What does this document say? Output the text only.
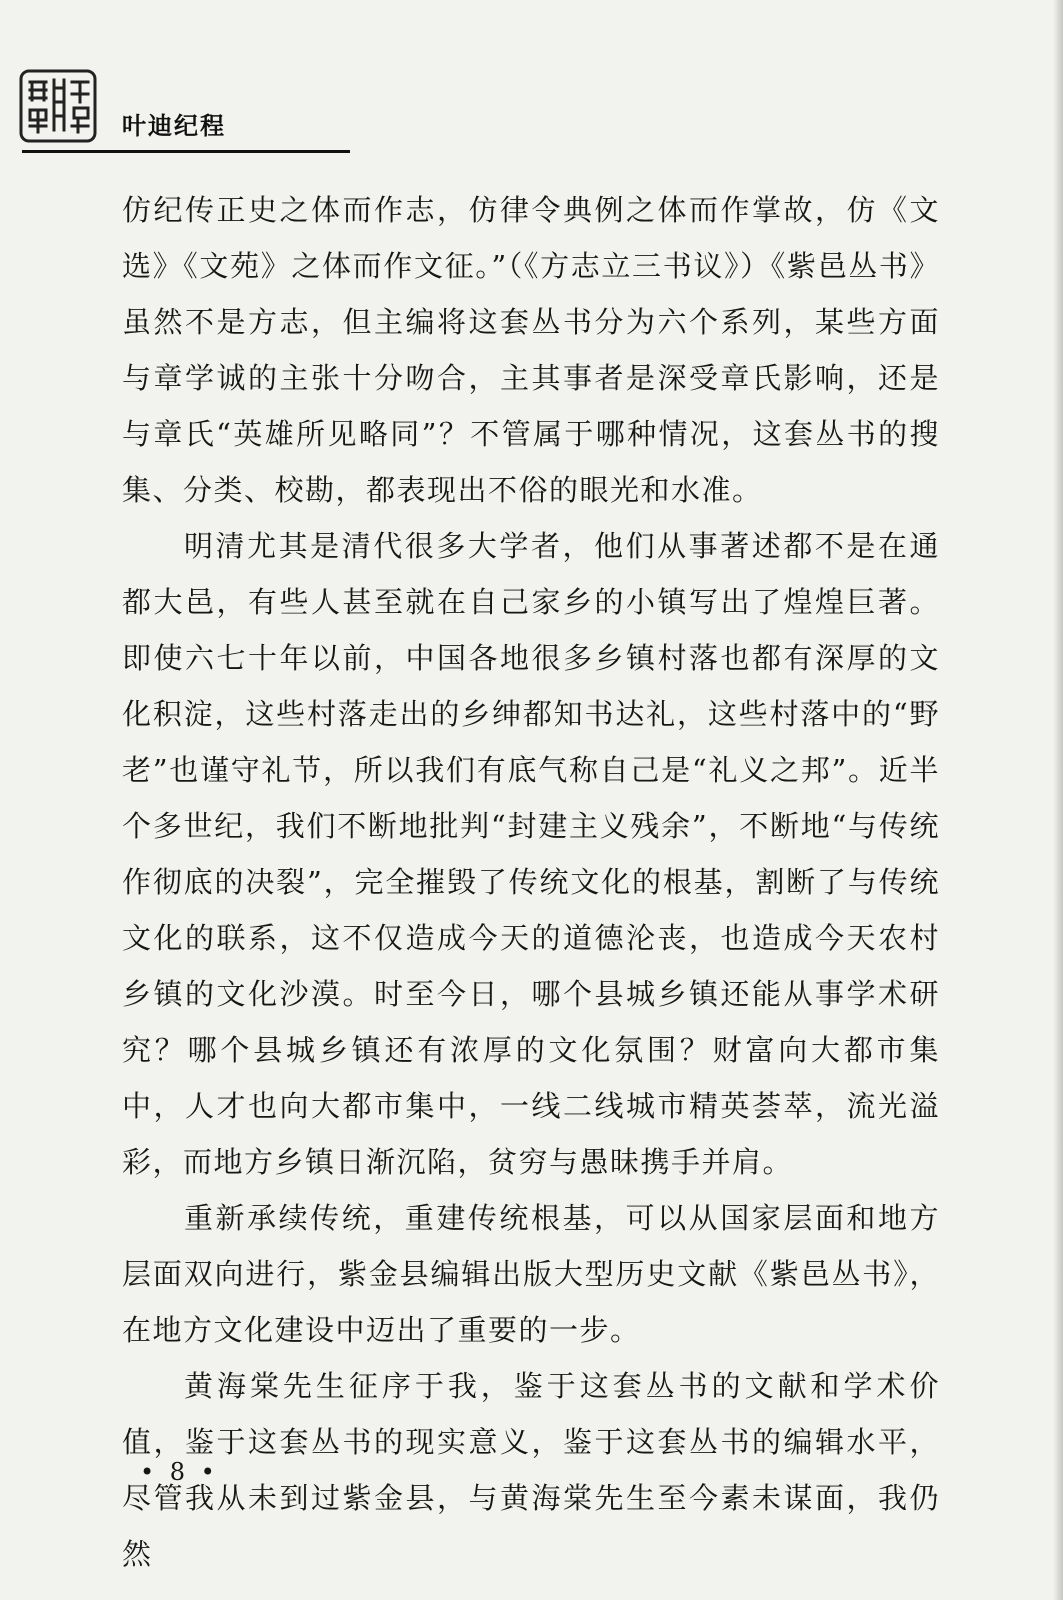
叶迪纪程

仿纪传正史之体而作志，仿律令典例之体而作掌故，仿《文选》《文苑》之体而作文征。”（《方志立三书议》）《紫邑丛书》虽然不是方志，但主编将这套丛书分为六个系列，某些方面与章学诚的主张十分吻合，主其事者是深受章氏影响，还是与章氏“英雄所见略同”？不管属于哪种情况，这套丛书的搜集、分类、校勘，都表现出不俗的眼光和水准。

明清尤其是清代很多大学者，他们从事著述都不是在通都大邑，有些人甚至就在自己家乡的小镇写出了煌煌巨著。即使六七十年以前，中国各地很多乡镇村落也都有深厚的文化积淀，这些村落走出的乡绅都知书达礼，这些村落中的“野老”也谨守礼节，所以我们有底气称自己是“礼义之邦”。近半个多世纪，我们不断地批判“封建主义残余”，不断地“与传统作彻底的决裂”，完全摧毁了传统文化的根基，割断了与传统文化的联系，这不仅造成今天的道德沦丧，也造成今天农村乡镇的文化沙漠。时至今日，哪个县城乡镇还能从事学术研究？哪个县城乡镇还有浓厚的文化氛围？财富向大都市集中，人才也向大都市集中，一线二线城市精英荟萃，流光溢彩，而地方乡镇日渐沉陷，贫穷与愚昧携手并肩。

重新承续传统，重建传统根基，可以从国家层面和地方层面双向进行，紫金县编辑出版大型历史文献《紫邑丛书》，在地方文化建设中迈出了重要的一步。

黄海棠先生征序于我，鉴于这套丛书的文献和学术价值，鉴于这套丛书的现实意义，鉴于这套丛书的编辑水平，尽管我从未到过紫金县，与黄海棠先生至今素未谋面，我仍然

• 8 •
